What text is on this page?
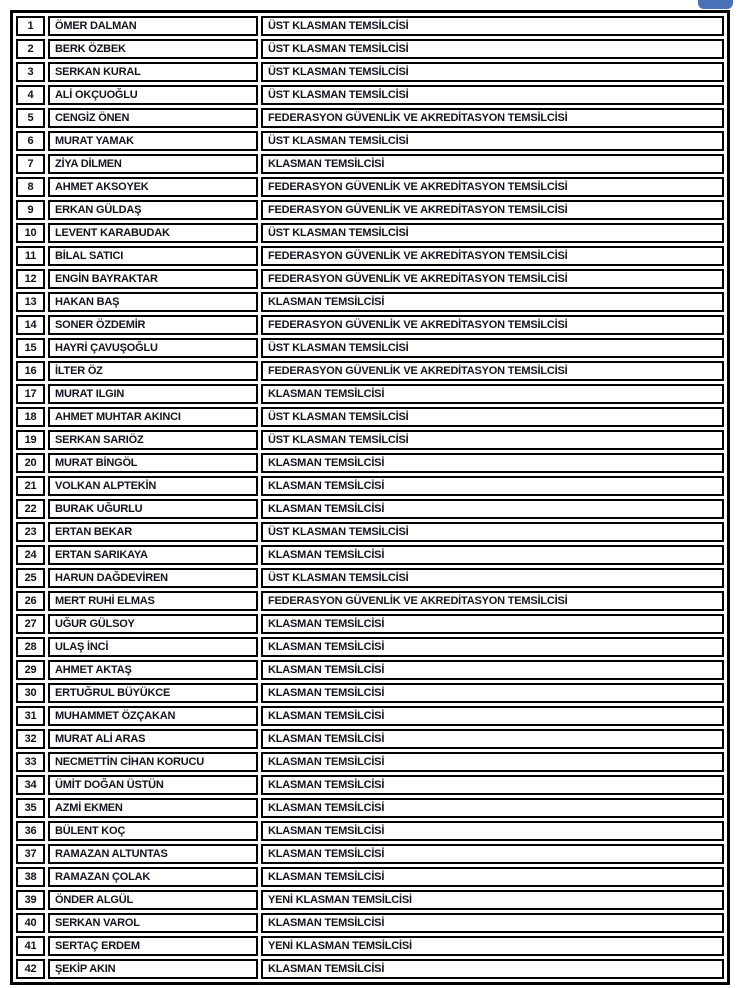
1	ÖMER DALMAN	ÜST KLASMAN TEMSİLCİSİ
2	BERK ÖZBEK	ÜST KLASMAN TEMSİLCİSİ
3	SERKAN KURAL	ÜST KLASMAN TEMSİLCİSİ
4	ALİ OKÇUOĞLU	ÜST KLASMAN TEMSİLCİSİ
5	CENGİZ ÖNEN	FEDERASYON GÜVENLİK VE AKREDİTASYON TEMSİLCİSİ
6	MURAT YAMAK	ÜST KLASMAN TEMSİLCİSİ
7	ZİYA DİLMEN	KLASMAN TEMSİLCİSİ
8	AHMET AKSOYEK	FEDERASYON GÜVENLİK VE AKREDİTASYON TEMSİLCİSİ
9	ERKAN GÜLDAŞ	FEDERASYON GÜVENLİK VE AKREDİTASYON TEMSİLCİSİ
10	LEVENT KARABUDAK	ÜST KLASMAN TEMSİLCİSİ
11	BİLAL SATICI	FEDERASYON GÜVENLİK VE AKREDİTASYON TEMSİLCİSİ
12	ENGİN BAYRAKTAR	FEDERASYON GÜVENLİK VE AKREDİTASYON TEMSİLCİSİ
13	HAKAN BAŞ	KLASMAN TEMSİLCİSİ
14	SONER ÖZDEMİR	FEDERASYON GÜVENLİK VE AKREDİTASYON TEMSİLCİSİ
15	HAYRİ ÇAVUŞOĞLU	ÜST KLASMAN TEMSİLCİSİ
16	İLTER ÖZ	FEDERASYON GÜVENLİK VE AKREDİTASYON TEMSİLCİSİ
17	MURAT ILGIN	KLASMAN TEMSİLCİSİ
18	AHMET MUHTAR AKINCI	ÜST KLASMAN TEMSİLCİSİ
19	SERKAN SARIÖZ	ÜST KLASMAN TEMSİLCİSİ
20	MURAT BİNGÖL	KLASMAN TEMSİLCİSİ
21	VOLKAN ALPTEKİN	KLASMAN TEMSİLCİSİ
22	BURAK UĞURLU	KLASMAN TEMSİLCİSİ
23	ERTAN BEKAR	ÜST KLASMAN TEMSİLCİSİ
24	ERTAN SARIKAYA	KLASMAN TEMSİLCİSİ
25	HARUN DAĞDEVİREN	ÜST KLASMAN TEMSİLCİSİ
26	MERT RUHİ ELMAS	FEDERASYON GÜVENLİK VE AKREDİTASYON TEMSİLCİSİ
27	UĞUR GÜLSOY	KLASMAN TEMSİLCİSİ
28	ULAŞ İNCİ	KLASMAN TEMSİLCİSİ
29	AHMET AKTAŞ	KLASMAN TEMSİLCİSİ
30	ERTUĞRUL BÜYÜKCE	KLASMAN TEMSİLCİSİ
31	MUHAMMET ÖZÇAKAN	KLASMAN TEMSİLCİSİ
32	MURAT ALİ ARAS	KLASMAN TEMSİLCİSİ
33	NECMETTİN CİHAN KORUCU	KLASMAN TEMSİLCİSİ
34	ÜMİT DOĞAN ÜSTÜN	KLASMAN TEMSİLCİSİ
35	AZMİ EKMEN	KLASMAN TEMSİLCİSİ
36	BÜLENT KOÇ	KLASMAN TEMSİLCİSİ
37	RAMAZAN ALTUNTAS	KLASMAN TEMSİLCİSİ
38	RAMAZAN ÇOLAK	KLASMAN TEMSİLCİSİ
39	ÖNDER ALGÜL	YENİ KLASMAN TEMSİLCİSİ
40	SERKAN VAROL	KLASMAN TEMSİLCİSİ
41	SERTAÇ ERDEM	YENİ KLASMAN TEMSİLCİSİ
42	ŞEKİP AKIN	KLASMAN TEMSİLCİSİ
